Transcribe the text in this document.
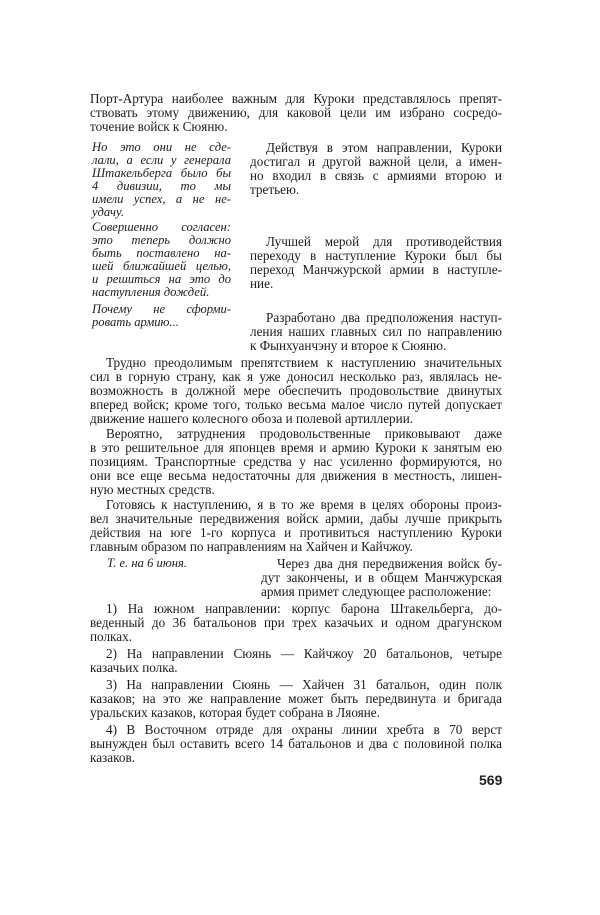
Порт-Артура наиболее важным для Куроки представлялось препят-
ствовать этому движению, для каковой цели им избрано сосредо-
точение войск к Сюяню.
Но это они не сде-
лали, а если у генерала
Штакельберга было бы
4 дивизии, то мы
имели успех, а не не-
удачу.
Действуя в этом направлении, Куроки
достигал и другой важной цели, а имен-
но входил в связь с армиями второю и
третьею.
Совершенно согласен:
это теперь должно
быть поставлено на-
шей ближайшей целью,
и решиться на это до
наступления дождей.
Лучшей мерой для противодействия
переходу в наступление Куроки был бы
переход Манчжурской армии в наступле-
ние.
Почему не сформи-
ровать армию...	Разработано два предположения наступ-
ления наших главных сил по направлению
к Фынхуанчэну и второе к Сюяню.
Трудно преодолимым препятствием к наступлению значительных
сил в горную страну, как я уже доносил несколько раз, являлась не-
возможность в должной мере обеспечить продовольствие двинутых
вперед войск; кроме того, только весьма малое число путей допускает
движение нашего колесного обоза и полевой артиллерии.
Вероятно, затруднения продовольственные приковывают даже
в это решительное для японцев время и армию Куроки к занятым ею
позициям. Транспортные средства у нас усиленно формируются, но
они все еще весьма недостаточны для движения в местность, лишен-
ную местных средств.
Готовясь к наступлению, я в то же время в целях обороны произ-
вел значительные передвижения войск армии, дабы лучше прикрыть
действия на юге 1-го корпуса и противиться наступлению Куроки
главным образом по направлениям на Хайчен и Кайчжоу.
Т. е. на 6 июня.	Через два дня передвижения войск бу-
дут закончены, и в общем Манчжурская
армия примет следующее расположение:
1) На южном направлении: корпус барона Штакельберга, до-
веденный до 36 батальонов при трех казачьих и одном драгунском
полках.
2) На направлении Сюянь — Кайчжоу 20 батальонов, четыре
казачьих полка.
3) На направлении Сюянь — Хайчен 31 батальон, один полк
казаков; на это же направление может быть передвинута и бригада
уральских казаков, которая будет собрана в Ляояне.
4) В Восточном отряде для охраны линии хребта в 70 верст
вынужден был оставить всего 14 батальонов и два с половиной полка
казаков.
569
